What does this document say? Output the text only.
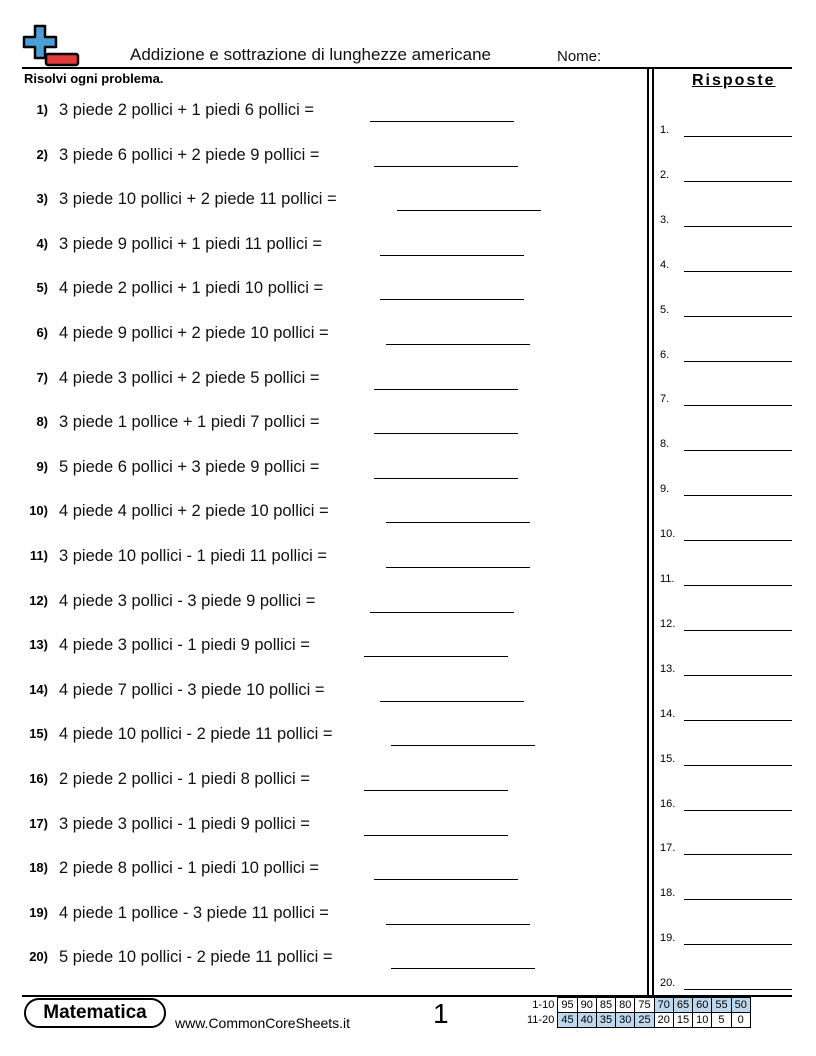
Addizione e sottrazione di lunghezze americane	Nome:
Risolvi ogni problema.	Risposte
1) 3 piede 2 pollici + 1 piedi 6 pollici =
2) 3 piede 6 pollici + 2 piede 9 pollici =
3) 3 piede 10 pollici + 2 piede 11 pollici =
4) 3 piede 9 pollici + 1 piedi 11 pollici =
5) 4 piede 2 pollici + 1 piedi 10 pollici =
6) 4 piede 9 pollici + 2 piede 10 pollici =
7) 4 piede 3 pollici + 2 piede 5 pollici =
8) 3 piede 1 pollice + 1 piedi 7 pollici =
9) 5 piede 6 pollici + 3 piede 9 pollici =
10) 4 piede 4 pollici + 2 piede 10 pollici =
11) 3 piede 10 pollici - 1 piedi 11 pollici =
12) 4 piede 3 pollici - 3 piede 9 pollici =
13) 4 piede 3 pollici - 1 piedi 9 pollici =
14) 4 piede 7 pollici - 3 piede 10 pollici =
15) 4 piede 10 pollici - 2 piede 11 pollici =
16) 2 piede 2 pollici - 1 piedi 8 pollici =
17) 3 piede 3 pollici - 1 piedi 9 pollici =
18) 2 piede 8 pollici - 1 piedi 10 pollici =
19) 4 piede 1 pollice - 3 piede 11 pollici =
20) 5 piede 10 pollici - 2 piede 11 pollici =
1.
2.
3.
4.
5.
6.
7.
8.
9.
10.
11.
12.
13.
14.
15.
16.
17.
18.
19.
20.
Matematica	www.CommonCoreSheets.it	1	1-10	95	90	85	80	75	70	65	60	55	50
11-20	45	40	35	30	25	20	15	10	5	0
